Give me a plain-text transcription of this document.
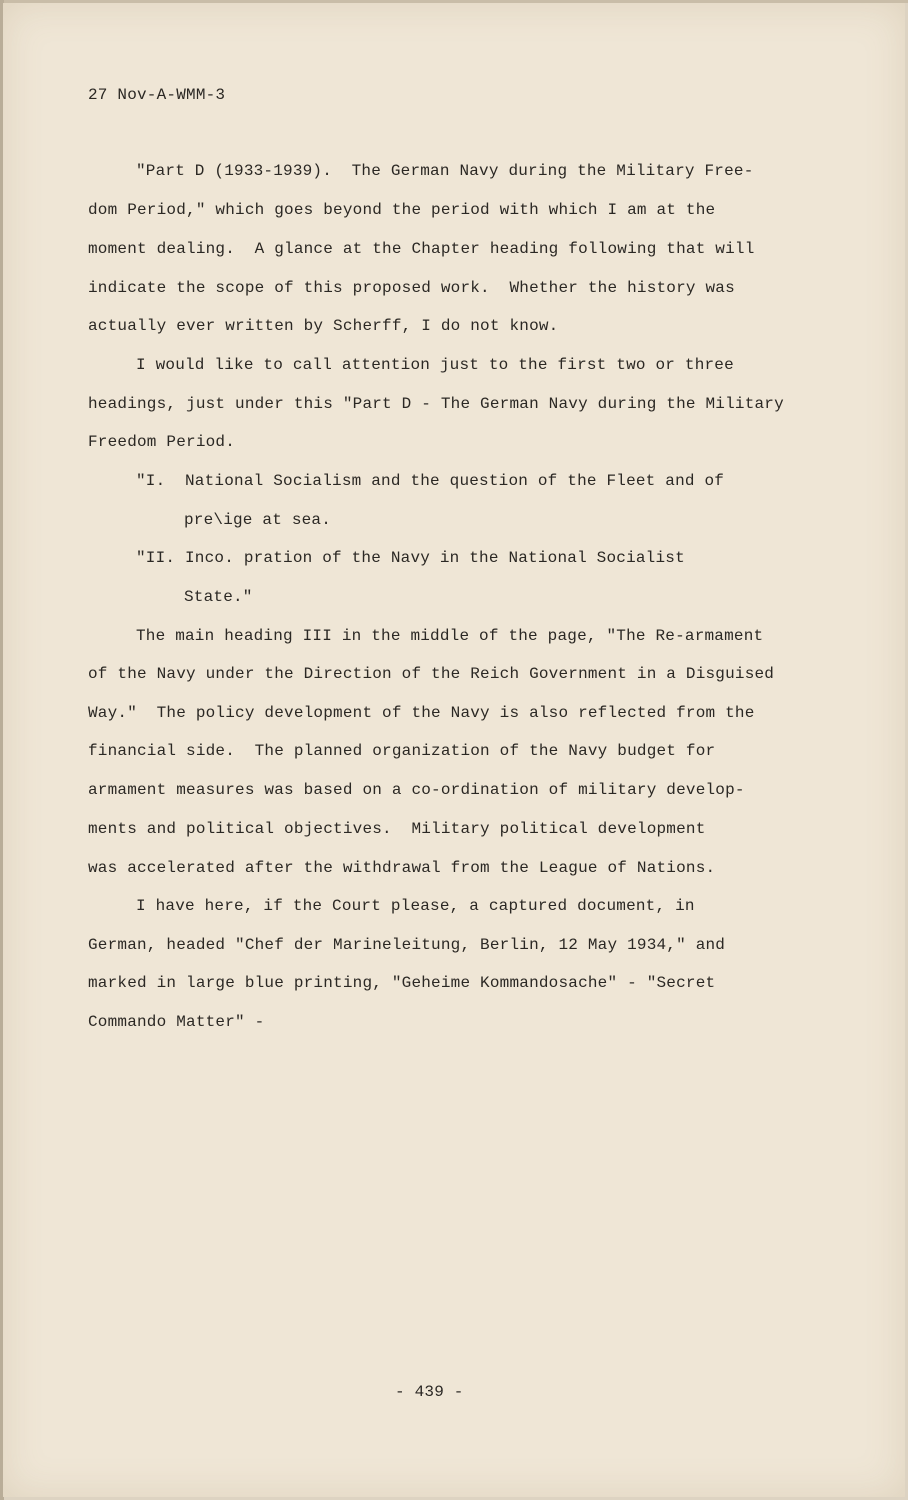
27 Nov-A-WMM-3
"Part D (1933-1939).  The German Navy during the Military Free-
dom Period," which goes beyond the period with which I am at the
moment dealing.  A glance at the Chapter heading following that will
indicate the scope of this proposed work.  Whether the history was
actually ever written by Scherff, I do not know.
I would like to call attention just to the first two or three
headings, just under this "Part D - The German Navy during the Military
Freedom Period.
"I.  National Socialism and the question of the Fleet and of
pre\ige at sea.
"II. Inco. pration of the Navy in the National Socialist
State."
The main heading III in the middle of the page, "The Re-armament
of the Navy under the Direction of the Reich Government in a Disguised
Way."  The policy development of the Navy is also reflected from the
financial side.  The planned organization of the Navy budget for
armament measures was based on a co-ordination of military develop-
ments and political objectives.  Military political development
was accelerated after the withdrawal from the League of Nations.
I have here, if the Court please, a captured document, in
German, headed "Chef der Marineleitung, Berlin, 12 May 1934," and
marked in large blue printing, "Geheime Kommandosache" - "Secret
Commando Matter" -
- 439 -
